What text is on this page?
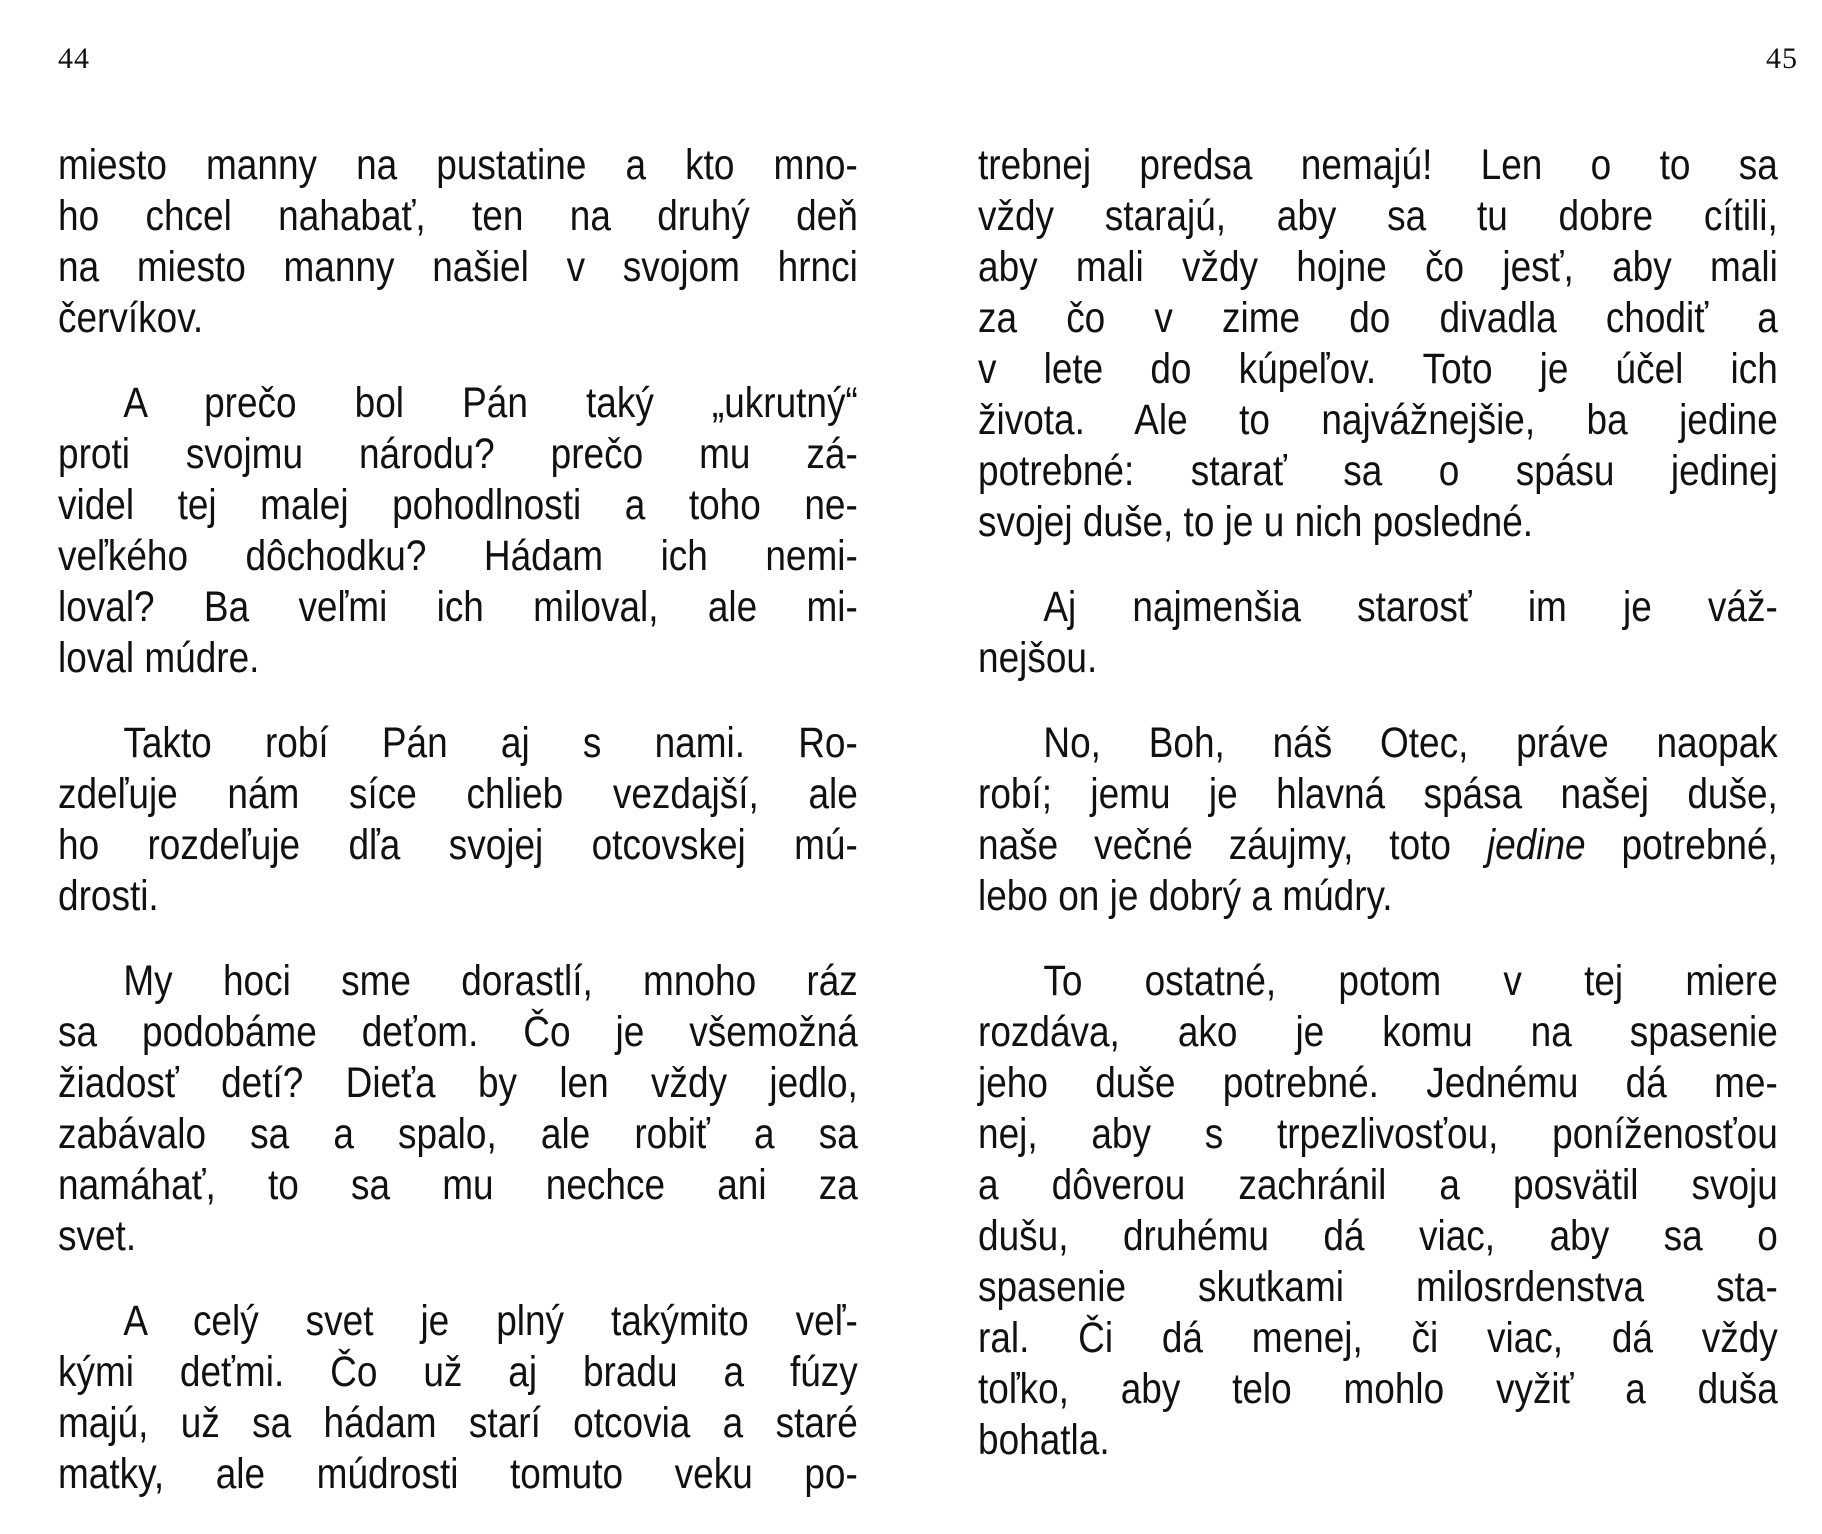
44

miesto manny na pustatine a kto mno-
ho chcel nahabať, ten na druhý deň
na miesto manny našiel v svojom hrnci
červíkov.

A prečo bol Pán taký „ukrutný“
proti svojmu národu? prečo mu zá-
videl tej malej pohodlnosti a toho ne-
veľkého dôchodku? Hádam ich nemi-
loval? Ba veľmi ich miloval, ale mi-
loval múdre.

Takto robí Pán aj s nami. Ro-
zdeľuje nám síce chlieb vezdajší, ale
ho rozdeľuje dľa svojej otcovskej mú-
drosti.

My hoci sme dorastlí, mnoho ráz
sa podobáme deťom. Čo je všemožná
žiadosť detí? Dieťa by len vždy jedlo,
zabávalo sa a spalo, ale robiť a sa
namáhať, to sa mu nechce ani za
svet.

A celý svet je plný takýmito veľ-
kými deťmi. Čo už aj bradu a fúzy
majú, už sa hádam starí otcovia a staré
matky, ale múdrosti tomuto veku po-

45

trebnej predsa nemajú! Len o to sa
vždy starajú, aby sa tu dobre cítili,
aby mali vždy hojne čo jesť, aby mali
za čo v zime do divadla chodiť a
v lete do kúpeľov. Toto je účel ich
života. Ale to najvážnejšie, ba jedine
potrebné: starať sa o spásu jedinej
svojej duše, to je u nich posledné.

Aj najmenšia starosť im je váž-
nejšou.

No, Boh, náš Otec, práve naopak
robí; jemu je hlavná spása našej duše,
naše večné záujmy, toto jedine potrebné,
lebo on je dobrý a múdry.

To ostatné, potom v tej miere
rozdáva, ako je komu na spasenie
jeho duše potrebné. Jednému dá me-
nej, aby s trpezlivosťou, poníženosťou
a dôverou zachránil a posvätil svoju
dušu, druhému dá viac, aby sa o
spasenie skutkami milosrdenstva sta-
ral. Či dá menej, či viac, dá vždy
toľko, aby telo mohlo vyžiť a duša
bohatla.
